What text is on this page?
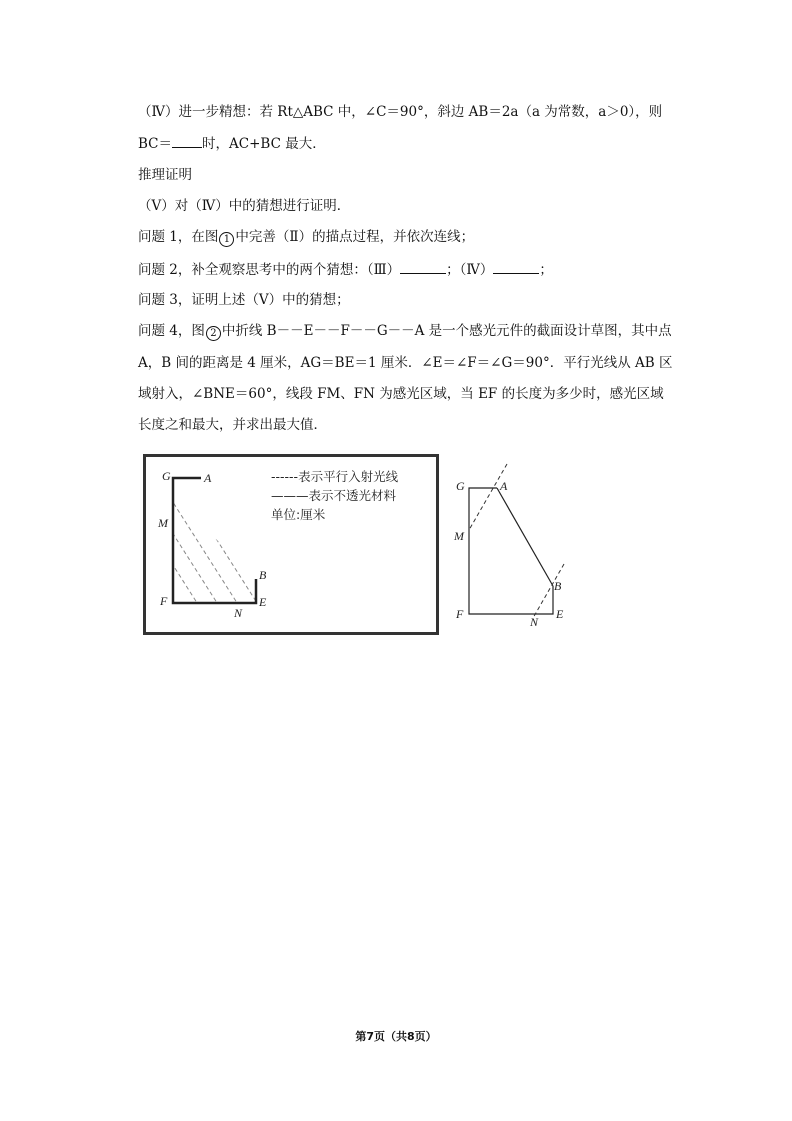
（Ⅳ）进一步精想：若 Rt△ABC 中，∠C＝90°，斜边 AB＝2a（a 为常数，a＞0），则
BC＝ 时，AC+BC 最大．
推理证明
（Ⅴ）对（Ⅳ）中的猜想进行证明．
问题 1，在图 1 中完善（Ⅱ）的描点过程，并依次连线；
问题 2，补全观察思考中的两个猜想：（Ⅲ）	；（Ⅳ）	；
问题 3，证明上述（Ⅴ）中的猜想；
问题 4，图 2 中折线 B－－E－－F－－G－－A 是一个感光元件的截面设计草图，其中点
A，B 间的距离是 4 厘米，AG＝BE＝1 厘米．∠E＝∠F＝∠G＝90°．平行光线从 AB 区
域射入，∠BNE＝60°，线段 FM、FN 为感光区域，当 EF 的长度为多少时，感光区域
长度之和最大，并求出最大值．
G	A
M
B
F
N
E
------表示平行入射光线
———表示不透光材料
单位:厘米
G	A
M
B
F
N
E
第7页（共8页）
